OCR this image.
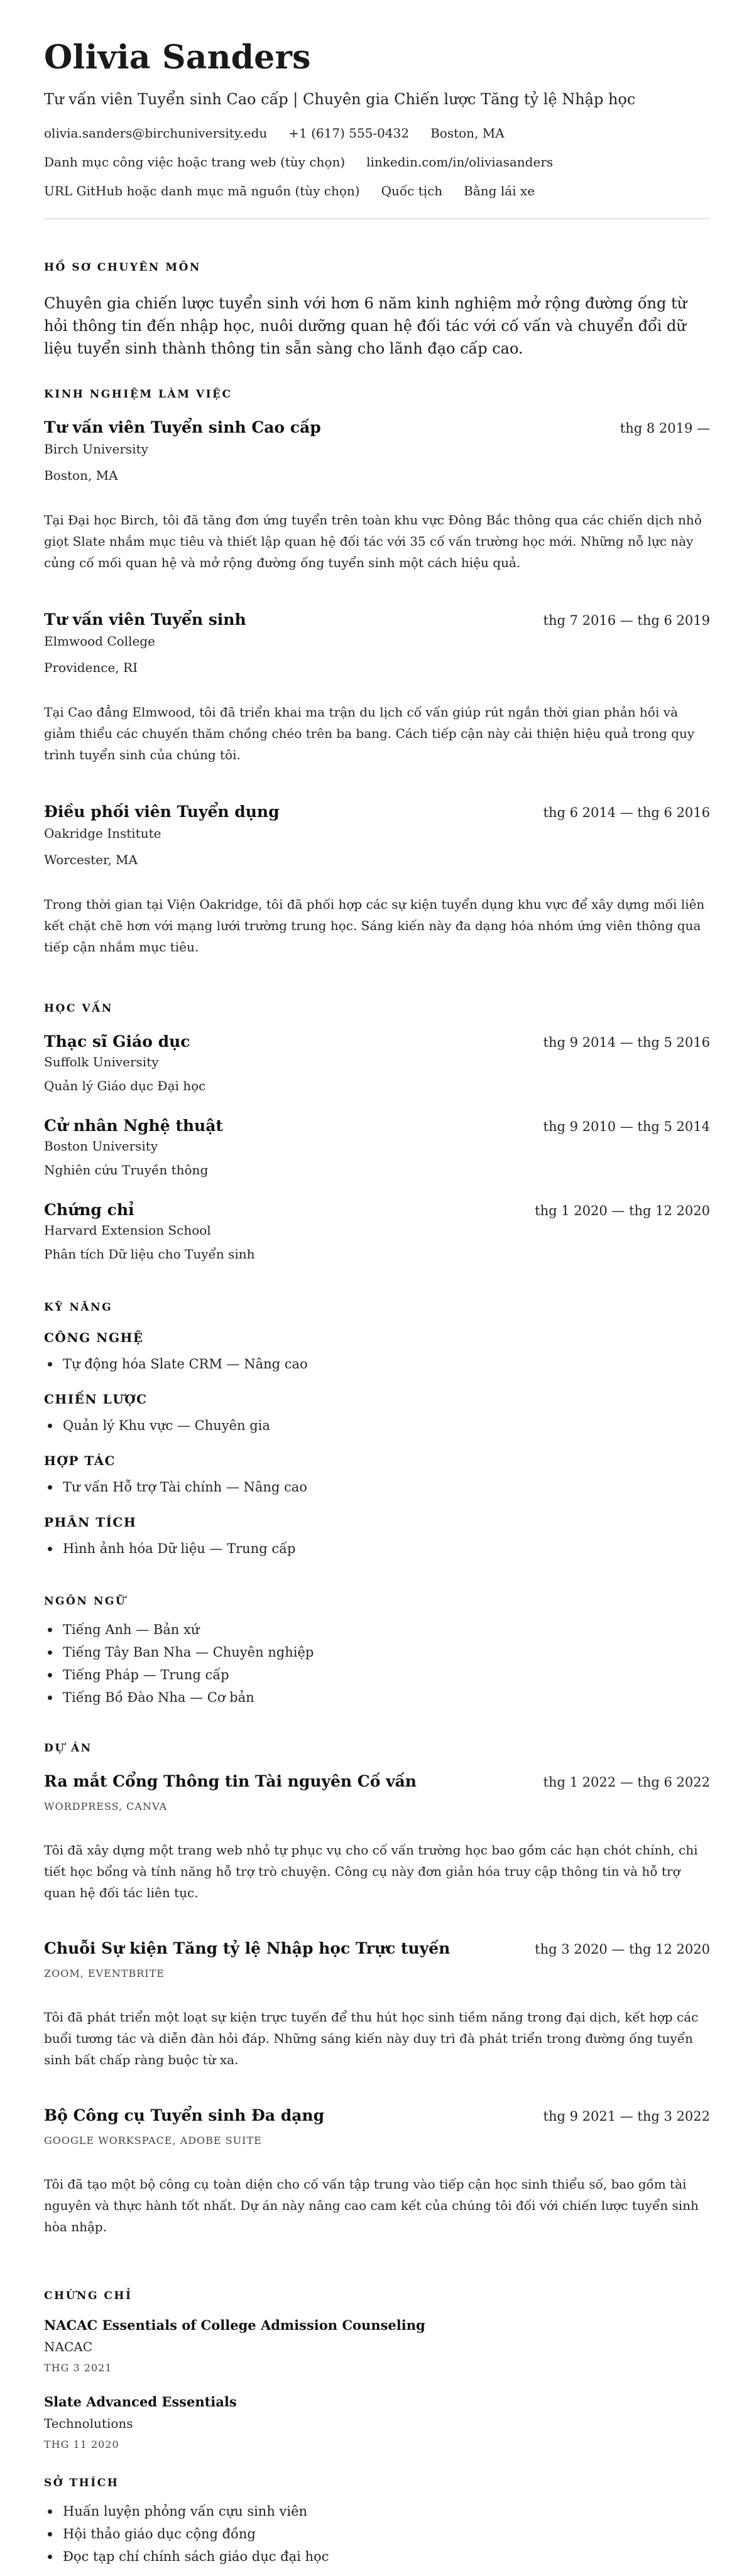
Olivia Sanders
Tư vấn viên Tuyển sinh Cao cấp | Chuyên gia Chiến lược Tăng tỷ lệ Nhập học
olivia.sanders@birchuniversity.edu +1 (617) 555-0432 Boston, MA
Danh mục công việc hoặc trang web (tùy chọn) linkedin.com/in/oliviasanders
URL GitHub hoặc danh mục mã nguồn (tùy chọn) Quốc tịch Bằng lái xe
HỒ SƠ CHUYÊN MÔN
Chuyên gia chiến lược tuyển sinh với hơn 6 năm kinh nghiệm mở rộng đường ống từ hỏi thông tin đến nhập học, nuôi dưỡng quan hệ đối tác với cố vấn và chuyển đổi dữ liệu tuyển sinh thành thông tin sẵn sàng cho lãnh đạo cấp cao.
KINH NGHIỆM LÀM VIỆC
Tư vấn viên Tuyển sinh Cao cấp	thg 8 2019 —
Birch University
Boston, MA
Tại Đại học Birch, tôi đã tăng đơn ứng tuyển trên toàn khu vực Đông Bắc thông qua các chiến dịch nhỏ giọt Slate nhắm mục tiêu và thiết lập quan hệ đối tác với 35 cố vấn trường học mới. Những nỗ lực này củng cố mối quan hệ và mở rộng đường ống tuyển sinh một cách hiệu quả.
Tư vấn viên Tuyển sinh	thg 7 2016 — thg 6 2019
Elmwood College
Providence, RI
Tại Cao đẳng Elmwood, tôi đã triển khai ma trận du lịch cố vấn giúp rút ngắn thời gian phản hồi và giảm thiểu các chuyến thăm chồng chéo trên ba bang. Cách tiếp cận này cải thiện hiệu quả trong quy trình tuyển sinh của chúng tôi.
Điều phối viên Tuyển dụng	thg 6 2014 — thg 6 2016
Oakridge Institute
Worcester, MA
Trong thời gian tại Viện Oakridge, tôi đã phối hợp các sự kiện tuyển dụng khu vực để xây dựng mối liên kết chặt chẽ hơn với mạng lưới trường trung học. Sáng kiến này đa dạng hóa nhóm ứng viên thông qua tiếp cận nhắm mục tiêu.
HỌC VẤN
Thạc sĩ Giáo dục	thg 9 2014 — thg 5 2016
Suffolk University
Quản lý Giáo dục Đại học
Cử nhân Nghệ thuật	thg 9 2010 — thg 5 2014
Boston University
Nghiên cứu Truyền thông
Chứng chỉ	thg 1 2020 — thg 12 2020
Harvard Extension School
Phân tích Dữ liệu cho Tuyển sinh
KỸ NĂNG
CÔNG NGHỆ
Tự động hóa Slate CRM — Nâng cao
CHIẾN LƯỢC
Quản lý Khu vực — Chuyên gia
HỢP TÁC
Tư vấn Hỗ trợ Tài chính — Nâng cao
PHÂN TÍCH
Hình ảnh hóa Dữ liệu — Trung cấp
NGÔN NGỮ
Tiếng Anh — Bản xứ
Tiếng Tây Ban Nha — Chuyên nghiệp
Tiếng Pháp — Trung cấp
Tiếng Bồ Đào Nha — Cơ bản
DỰ ÁN
Ra mắt Cổng Thông tin Tài nguyên Cố vấn	thg 1 2022 — thg 6 2022
WORDPRESS, CANVA
Tôi đã xây dựng một trang web nhỏ tự phục vụ cho cố vấn trường học bao gồm các hạn chót chính, chi tiết học bổng và tính năng hỗ trợ trò chuyện. Công cụ này đơn giản hóa truy cập thông tin và hỗ trợ quan hệ đối tác liên tục.
Chuỗi Sự kiện Tăng tỷ lệ Nhập học Trực tuyến	thg 3 2020 — thg 12 2020
ZOOM, EVENTBRITE
Tôi đã phát triển một loạt sự kiện trực tuyến để thu hút học sinh tiềm năng trong đại dịch, kết hợp các buổi tương tác và diễn đàn hỏi đáp. Những sáng kiến này duy trì đà phát triển trong đường ống tuyển sinh bất chấp ràng buộc từ xa.
Bộ Công cụ Tuyển sinh Đa dạng	thg 9 2021 — thg 3 2022
GOOGLE WORKSPACE, ADOBE SUITE
Tôi đã tạo một bộ công cụ toàn diện cho cố vấn tập trung vào tiếp cận học sinh thiểu số, bao gồm tài nguyên và thực hành tốt nhất. Dự án này nâng cao cam kết của chúng tôi đối với chiến lược tuyển sinh hòa nhập.
CHỨNG CHỈ
NACAC Essentials of College Admission Counseling
NACAC
THG 3 2021
Slate Advanced Essentials
Technolutions
THG 11 2020
SỞ THÍCH
Huấn luyện phỏng vấn cựu sinh viên
Hội thảo giáo dục cộng đồng
Đọc tạp chí chính sách giáo dục đại học
